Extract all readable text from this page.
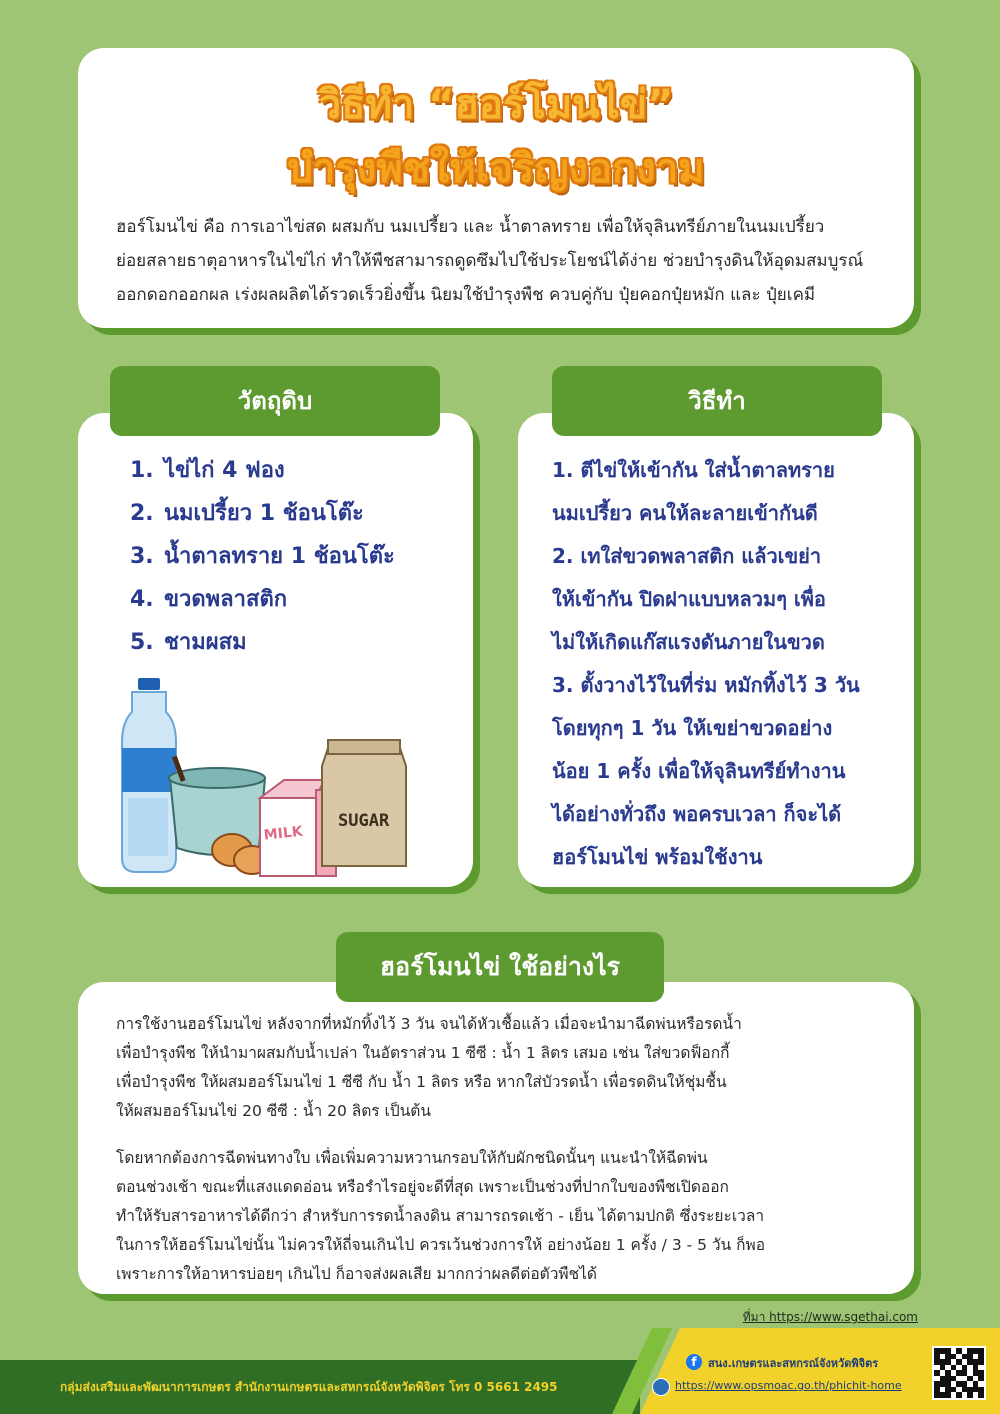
วิธีทำ “ฮอร์โมนไข่”
บำรุงพืชให้เจริญงอกงาม
ฮอร์โมนไข่ คือ การเอาไข่สด ผสมกับ นมเปรี้ยว และ น้ำตาลทราย เพื่อให้จุลินทรีย์ภายในนมเปรี้ยว
ย่อยสลายธาตุอาหารในไข่ไก่ ทำให้พืชสามารถดูดซึมไปใช้ประโยชน์ได้ง่าย ช่วยบำรุงดินให้อุดมสมบูรณ์
ออกดอกออกผล เร่งผลผลิตได้รวดเร็วยิ่งขึ้น นิยมใช้บำรุงพืช ควบคู่กับ ปุ๋ยคอกปุ๋ยหมัก และ ปุ๋ยเคมี
1. ไข่ไก่ 4 ฟอง
2. นมเปรี้ยว 1 ช้อนโต๊ะ
3. น้ำตาลทราย 1 ช้อนโต๊ะ
4. ขวดพลาสติก
5. ชามผสม
วัตถุดิบ
MILK
SUGAR
1. ตีไข่ให้เข้ากัน ใส่น้ำตาลทราย
นมเปรี้ยว คนให้ละลายเข้ากันดี
2. เทใส่ขวดพลาสติก แล้วเขย่า
ให้เข้ากัน ปิดฝาแบบหลวมๆ เพื่อ
ไม่ให้เกิดแก๊สแรงดันภายในขวด
3. ตั้งวางไว้ในที่ร่ม หมักทิ้งไว้ 3 วัน
โดยทุกๆ 1 วัน ให้เขย่าขวดอย่าง
น้อย 1 ครั้ง เพื่อให้จุลินทรีย์ทำงาน
ได้อย่างทั่วถึง พอครบเวลา ก็จะได้
ฮอร์โมนไข่ พร้อมใช้งาน
วิธีทำ
การใช้งานฮอร์โมนไข่ หลังจากที่หมักทิ้งไว้ 3 วัน จนได้หัวเชื้อแล้ว เมื่อจะนำมาฉีดพ่นหรือรดน้ำ
เพื่อบำรุงพืช ให้นำมาผสมกับน้ำเปล่า ในอัตราส่วน 1 ซีซี : น้ำ 1 ลิตร เสมอ เช่น ใส่ขวดฟ็อกกี้
เพื่อบำรุงพืช ให้ผสมฮอร์โมนไข่ 1 ซีซี กับ น้ำ 1 ลิตร หรือ หากใส่บัวรดน้ำ เพื่อรดดินให้ชุ่มชื้น
ให้ผสมฮอร์โมนไข่ 20 ซีซี : น้ำ 20 ลิตร เป็นต้น
โดยหากต้องการฉีดพ่นทางใบ เพื่อเพิ่มความหวานกรอบให้กับผักชนิดนั้นๆ แนะนำให้ฉีดพ่น
ตอนช่วงเช้า ขณะที่แสงแดดอ่อน หรือรำไรอยู่จะดีที่สุด เพราะเป็นช่วงที่ปากใบของพืชเปิดออก
ทำให้รับสารอาหารได้ดีกว่า สำหรับการรดน้ำลงดิน สามารถรดเช้า - เย็น ได้ตามปกติ ซึ่งระยะเวลา
ในการให้ฮอร์โมนไข่นั้น ไม่ควรให้ถี่จนเกินไป ควรเว้นช่วงการให้ อย่างน้อย 1 ครั้ง / 3 - 5 วัน ก็พอ
เพราะการให้อาหารบ่อยๆ เกินไป ก็อาจส่งผลเสีย มากกว่าผลดีต่อตัวพืชได้
ฮอร์โมนไข่ ใช้อย่างไร
ที่มา https://www.sgethai.com
กลุ่มส่งเสริมและพัฒนาการเกษตร สำนักงานเกษตรและสหกรณ์จังหวัดพิจิตร โทร 0 5661 2495
f	สนง.เกษตรและสหกรณ์จังหวัดพิจิตร
https://www.opsmoac.go.th/phichit-home
